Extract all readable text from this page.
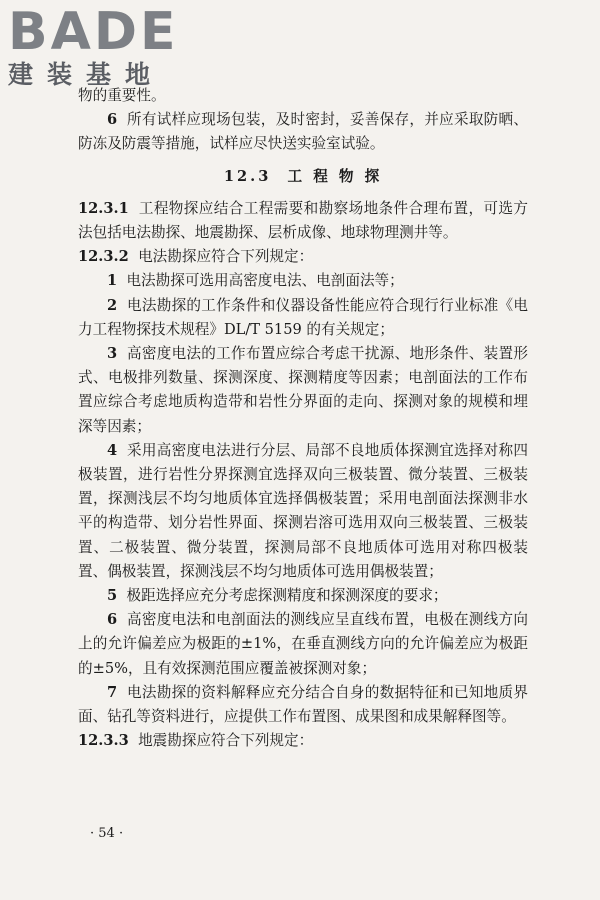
BADE
建装基地

物的重要性。

6 所有试样应现场包装，及时密封，妥善保存，并应采取防晒、防冻及防震等措施，试样应尽快送实验室试验。

12.3 工 程 物 探

12.3.1 工程物探应结合工程需要和勘察场地条件合理布置，可选方法包括电法勘探、地震勘探、层析成像、地球物理测井等。

12.3.2 电法勘探应符合下列规定：

1 电法勘探可选用高密度电法、电剖面法等；

2 电法勘探的工作条件和仪器设备性能应符合现行行业标准《电力工程物探技术规程》DL/T 5159 的有关规定；

3 高密度电法的工作布置应综合考虑干扰源、地形条件、装置形式、电极排列数量、探测深度、探测精度等因素；电剖面法的工作布置应综合考虑地质构造带和岩性分界面的走向、探测对象的规模和埋深等因素；

4 采用高密度电法进行分层、局部不良地质体探测宜选择对称四极装置，进行岩性分界探测宜选择双向三极装置、微分装置、三极装置，探测浅层不均匀地质体宜选择偶极装置；采用电剖面法探测非水平的构造带、划分岩性界面、探测岩溶可选用双向三极装置、三极装置、二极装置、微分装置，探测局部不良地质体可选用对称四极装置、偶极装置，探测浅层不均匀地质体可选用偶极装置；

5 极距选择应充分考虑探测精度和探测深度的要求；

6 高密度电法和电剖面法的测线应呈直线布置，电极在测线方向上的允许偏差应为极距的±1%，在垂直测线方向的允许偏差应为极距的±5%，且有效探测范围应覆盖被探测对象；

7 电法勘探的资料解释应充分结合自身的数据特征和已知地质界面、钻孔等资料进行，应提供工作布置图、成果图和成果解释图等。

12.3.3 地震勘探应符合下列规定：

· 54 ·
